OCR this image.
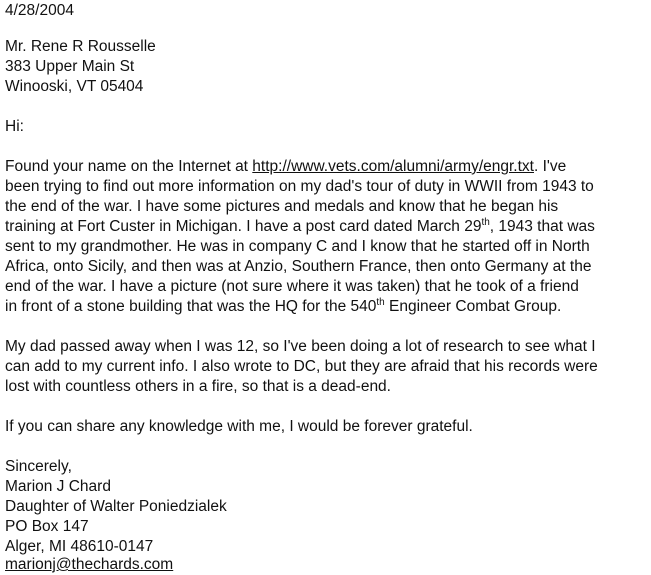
4/28/2004
Mr. Rene R Rousselle
383 Upper Main St
Winooski, VT 05404
Hi:
Found your name on the Internet at http://www.vets.com/alumni/army/engr.txt. I've
been trying to find out more information on my dad's tour of duty in WWII from 1943 to
the end of the war. I have some pictures and medals and know that he began his
training at Fort Custer in Michigan. I have a post card dated March 29th, 1943 that was
sent to my grandmother. He was in company C and I know that he started off in North
Africa, onto Sicily, and then was at Anzio, Southern France, then onto Germany at the
end of the war. I have a picture (not sure where it was taken) that he took of a friend
in front of a stone building that was the HQ for the 540th Engineer Combat Group.
My dad passed away when I was 12, so I've been doing a lot of research to see what I
can add to my current info. I also wrote to DC, but they are afraid that his records were
lost with countless others in a fire, so that is a dead-end.
If you can share any knowledge with me, I would be forever grateful.
Sincerely,
Marion J Chard
Daughter of Walter Poniedzialek
PO Box 147
Alger, MI 48610-0147
marionj@thechards.com
